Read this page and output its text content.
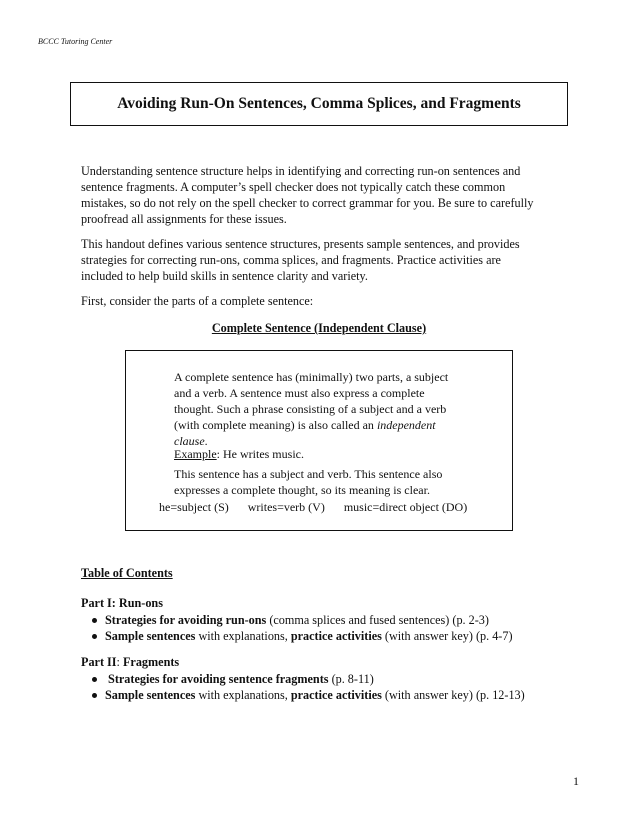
BCCC Tutoring Center
Avoiding Run-On Sentences, Comma Splices, and Fragments

Understanding sentence structure helps in identifying and correcting run-on sentences and
sentence fragments. A computer’s spell checker does not typically catch these common
mistakes, so do not rely on the spell checker to correct grammar for you. Be sure to carefully
proofread all assignments for these issues.

This handout defines various sentence structures, presents sample sentences, and provides
strategies for correcting run-ons, comma splices, and fragments. Practice activities are
included to help build skills in sentence clarity and variety.

First, consider the parts of a complete sentence:

Complete Sentence (Independent Clause)

A complete sentence has (minimally) two parts, a subject
and a verb. A sentence must also express a complete
thought. Such a phrase consisting of a subject and a verb
(with complete meaning) is also called an independent
clause.

Example: He writes music.

This sentence has a subject and verb. This sentence also
expresses a complete thought, so its meaning is clear.

he=subject (S) writes=verb (V) music=direct object (DO)
Table of Contents
Part I: Run-ons
Strategies for avoiding run-ons (comma splices and fused sentences) (p. 2-3)
Sample sentences with explanations, practice activities (with answer key) (p. 4-7)
Part II: Fragments
Strategies for avoiding sentence fragments (p. 8-11)
Sample sentences with explanations, practice activities (with answer key) (p. 12-13)
1
